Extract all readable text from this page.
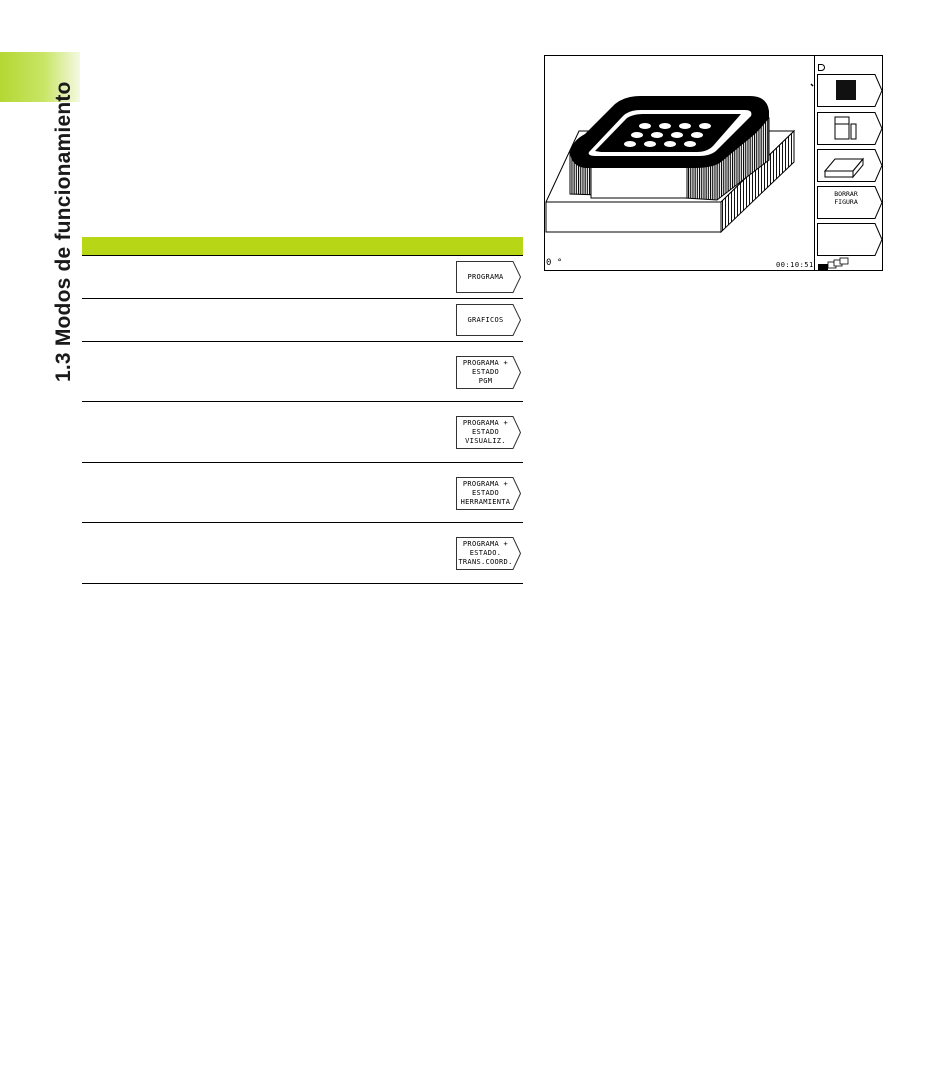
1.3 Modos de funcionamiento	PROGRAMA
GRAFICOS
PROGRAMA +
ESTADO
PGM
PROGRAMA +
ESTADO
VISUALIZ.
PROGRAMA +
ESTADO
HERRAMIENTA
PROGRAMA +
ESTADO.
TRANS.COORD.
0 °	00:10:51
BORRAR
FIGURA
